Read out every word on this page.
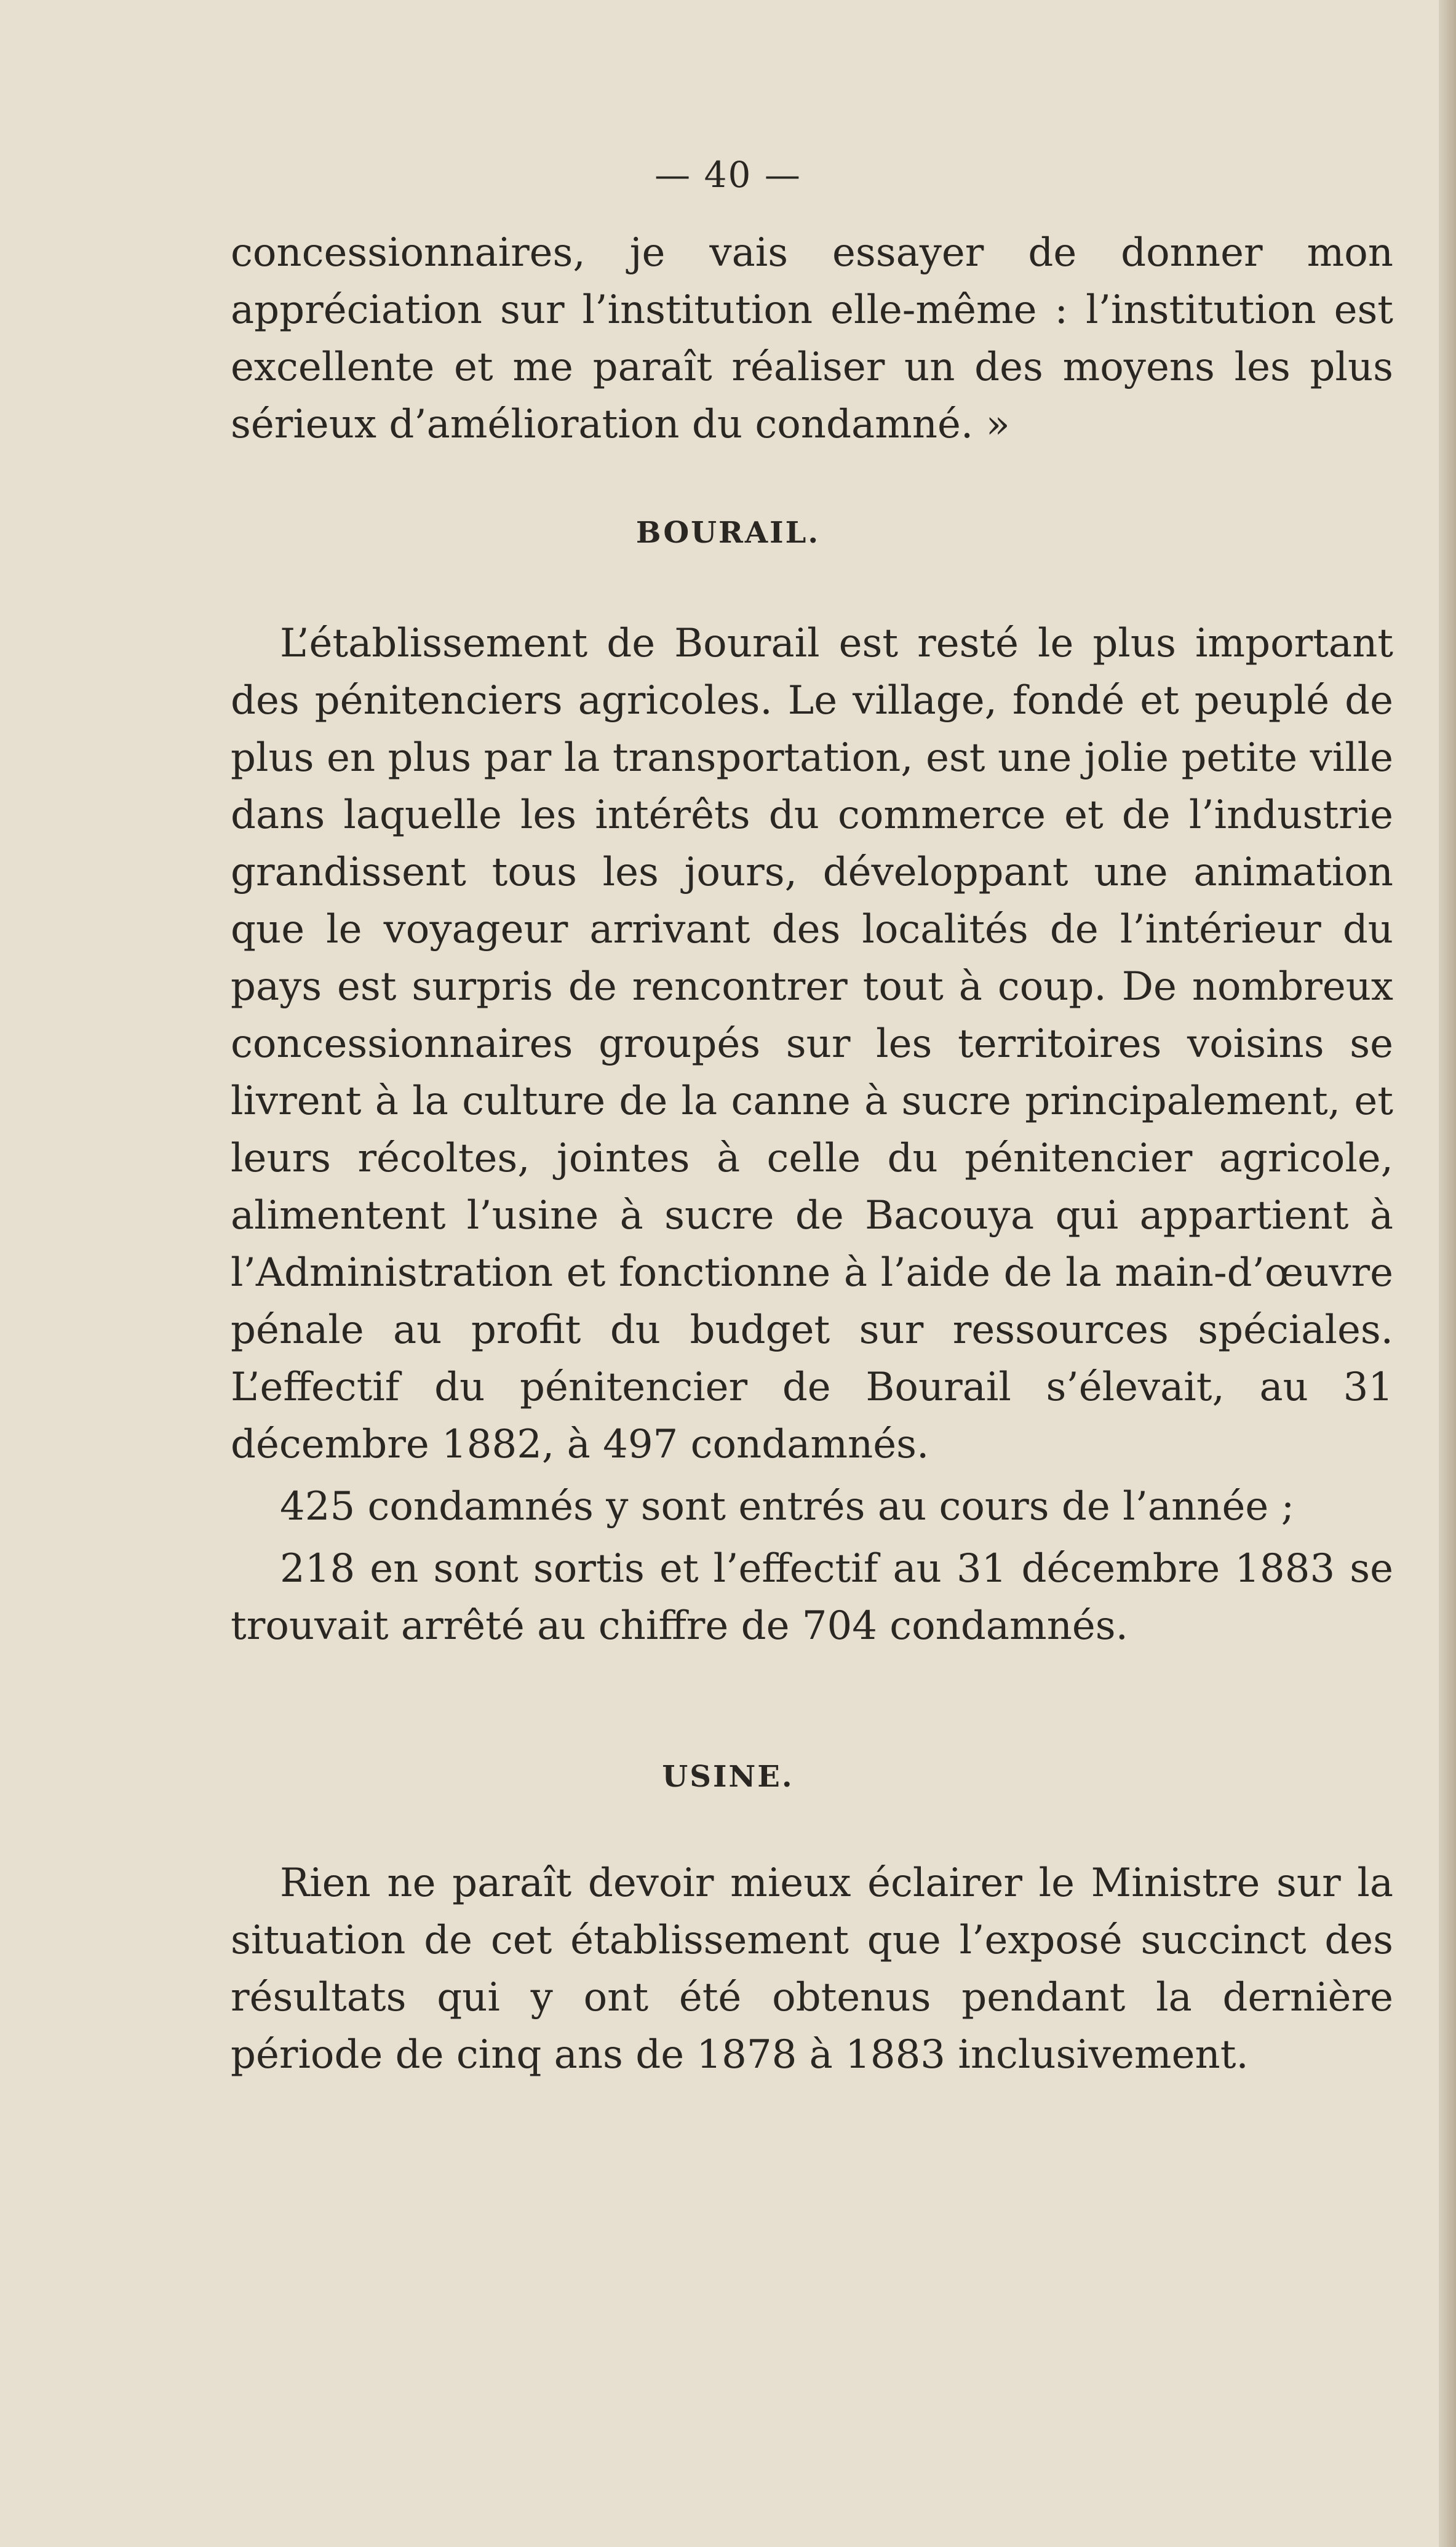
— 40 —

concessionnaires, je vais essayer de donner mon appréciation sur l’institution elle-même : l’institution est excellente et me paraît réaliser un des moyens les plus sérieux d’amélioration du condamné. »

BOURAIL.

L’établissement de Bourail est resté le plus important des pénitenciers agricoles. Le village, fondé et peuplé de plus en plus par la transportation, est une jolie petite ville dans laquelle les intérêts du commerce et de l’industrie grandissent tous les jours, développant une animation que le voyageur arrivant des localités de l’intérieur du pays est surpris de rencontrer tout à coup. De nombreux concessionnaires groupés sur les territoires voisins se livrent à la culture de la canne à sucre principalement, et leurs récoltes, jointes à celle du pénitencier agricole, alimentent l’usine à sucre de Bacouya qui appartient à l’Administration et fonctionne à l’aide de la main-d’œuvre pénale au profit du budget sur ressources spéciales. L’effectif du pénitencier de Bourail s’élevait, au 31 décembre 1882, à 497 condamnés.

425 condamnés y sont entrés au cours de l’année ;

218 en sont sortis et l’effectif au 31 décembre 1883 se trouvait arrêté au chiffre de 704 condamnés.

USINE.

Rien ne paraît devoir mieux éclairer le Ministre sur la situation de cet établissement que l’exposé succinct des résultats qui y ont été obtenus pendant la dernière période de cinq ans de 1878 à 1883 inclusivement.
